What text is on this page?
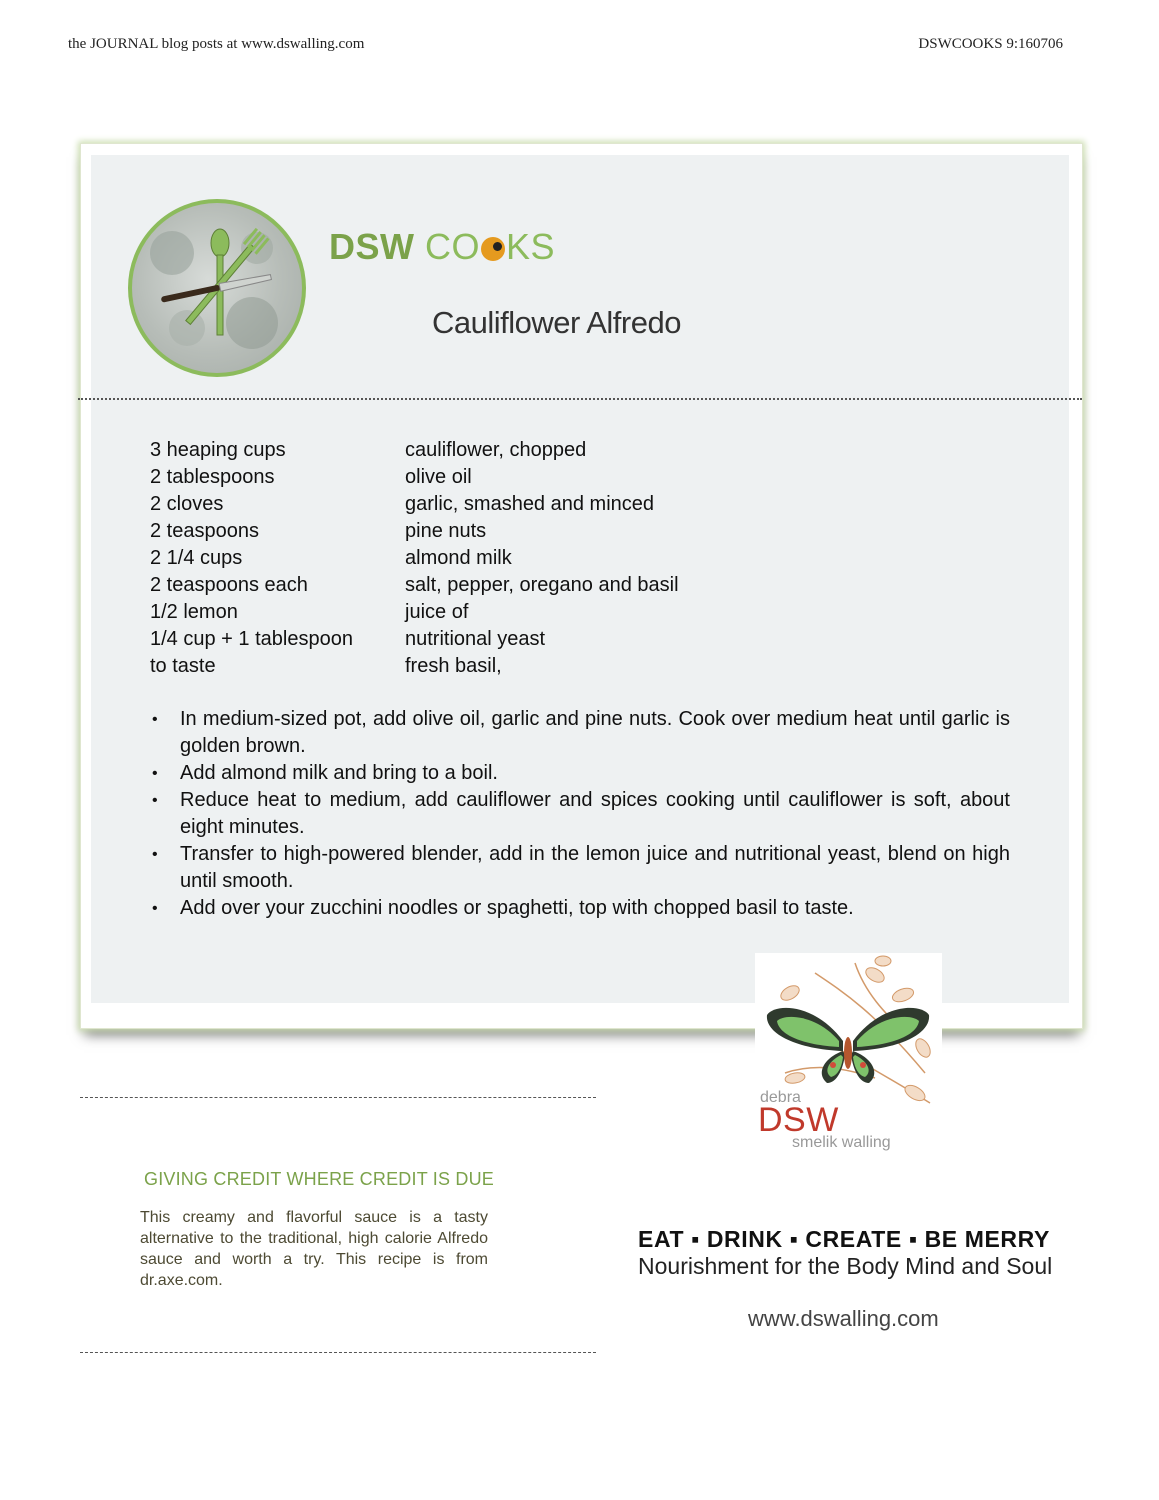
the JOURNAL blog posts at www.dswalling.com	DSWCOOKS 9:160706
DSW CO KS
Cauliflower Alfredo
3 heaping cups	cauliflower, chopped
2 tablespoons	olive oil
2 cloves	garlic, smashed and minced
2 teaspoons	pine nuts
2 1/4 cups	almond milk
2 teaspoons each	salt, pepper, oregano and basil
1/2 lemon	juice of
1/4 cup + 1 tablespoon	nutritional yeast
to taste	fresh basil,
• In medium-sized pot, add olive oil, garlic and pine nuts. Cook over medium heat until garlic is golden brown.
• Add almond milk and bring to a boil.
• Reduce heat to medium, add cauliflower and spices cooking until cauliflower is soft, about eight minutes.
• Transfer to high-powered blender, add in the lemon juice and nutritional yeast, blend on high until smooth.
• Add over your zucchini noodles or spaghetti, top with chopped basil to taste.
debra
DSW
smelik walling
GIVING CREDIT WHERE CREDIT IS DUE
This creamy and flavorful sauce is a tasty alternative to the traditional, high calorie Alfredo sauce and worth a try. This recipe is from dr.axe.com.
EAT ▪ DRINK ▪ CREATE ▪ BE MERRY
Nourishment for the Body Mind and Soul
www.dswalling.com
